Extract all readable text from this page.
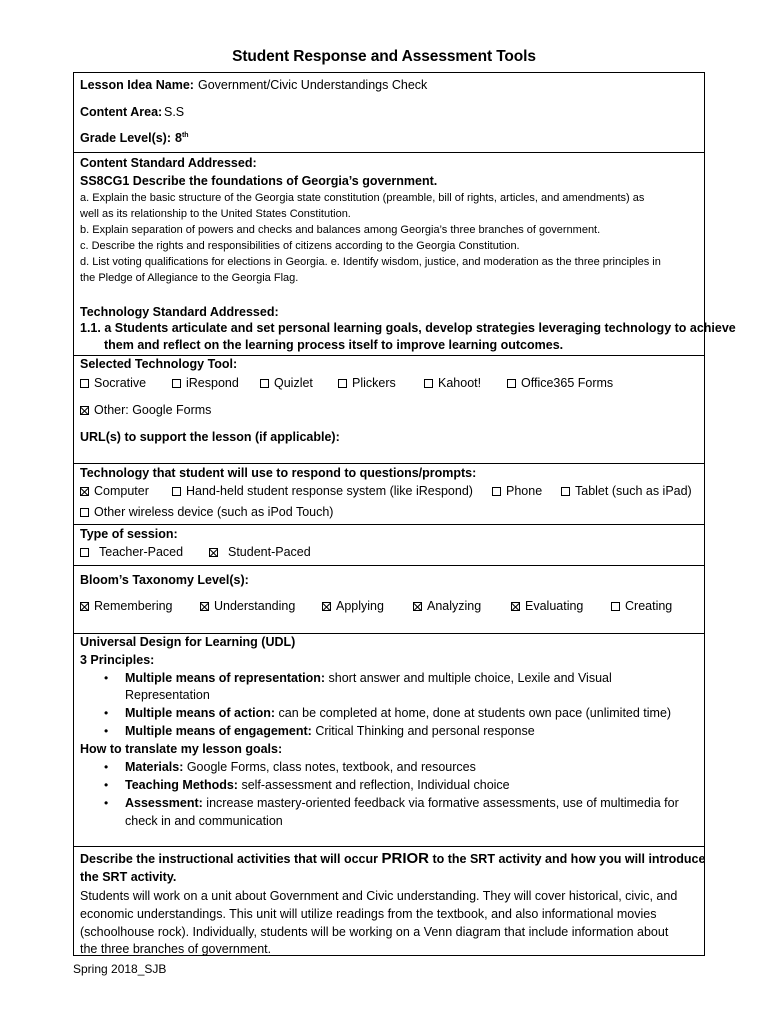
Student Response and Assessment Tools
Lesson Idea Name: Government/Civic Understandings Check
Content Area: S.S
Grade Level(s): 8th
Content Standard Addressed:
SS8CG1 Describe the foundations of Georgia’s government.
a. Explain the basic structure of the Georgia state constitution (preamble, bill of rights, articles, and amendments) as
well as its relationship to the United States Constitution.
b. Explain separation of powers and checks and balances among Georgia’s three branches of government.
c. Describe the rights and responsibilities of citizens according to the Georgia Constitution.
d. List voting qualifications for elections in Georgia. e. Identify wisdom, justice, and moderation as the three principles in
the Pledge of Allegiance to the Georgia Flag.
Technology Standard Addressed:
1.1. a Students articulate and set personal learning goals, develop strategies leveraging technology to achieve
them and reflect on the learning process itself to improve learning outcomes.
Selected Technology Tool:
Socrative	iRespond	Quizlet	Plickers	Kahoot!	Office365 Forms
Other: Google Forms
URL(s) to support the lesson (if applicable):
Technology that student will use to respond to questions/prompts:
Computer	Hand-held student response system (like iRespond)	Phone	Tablet (such as iPad)
Other wireless device (such as iPod Touch)
Type of session:
Teacher-Paced	Student-Paced
Bloom’s Taxonomy Level(s):
Remembering	Understanding	Applying	Analyzing	Evaluating	Creating
Universal Design for Learning (UDL)
3 Principles:
• Multiple means of representation: short answer and multiple choice, Lexile and Visual
Representation
• Multiple means of action: can be completed at home, done at students own pace (unlimited time)
• Multiple means of engagement: Critical Thinking and personal response
How to translate my lesson goals:
• Materials: Google Forms, class notes, textbook, and resources
• Teaching Methods: self-assessment and reflection, Individual choice
• Assessment: increase mastery-oriented feedback via formative assessments, use of multimedia for
check in and communication
Describe the instructional activities that will occur PRIOR to the SRT activity and how you will introduce
the SRT activity.
Students will work on a unit about Government and Civic understanding. They will cover historical, civic, and
economic understandings. This unit will utilize readings from the textbook, and also informational movies
(schoolhouse rock). Individually, students will be working on a Venn diagram that include information about
the three branches of government.
Spring 2018_SJB
